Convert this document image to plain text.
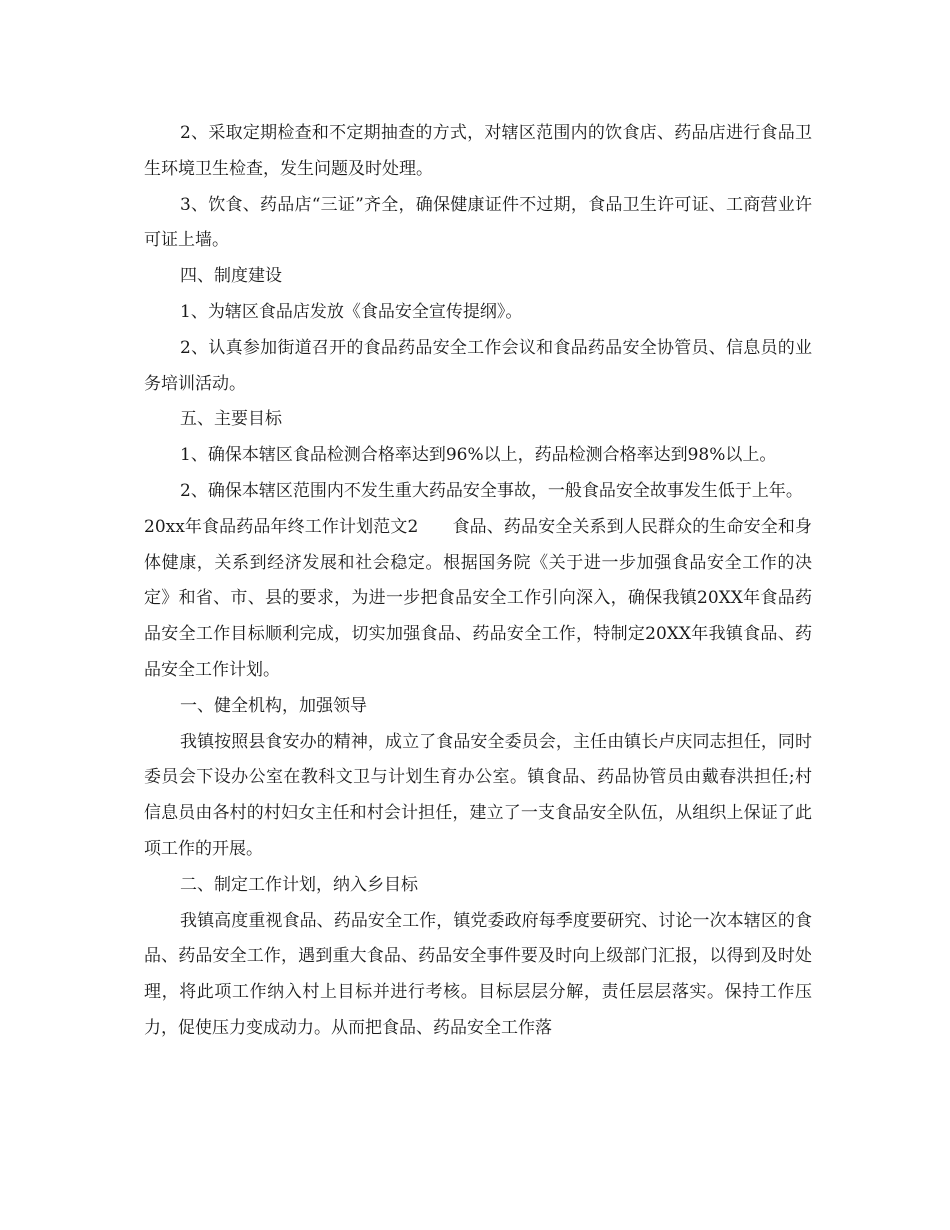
2、采取定期检查和不定期抽查的方式，对辖区范围内的饮食店、药品店进行食品卫生环境卫生检查，发生问题及时处理。

3、饮食、药品店“三证”齐全，确保健康证件不过期，食品卫生许可证、工商营业许可证上墙。

四、制度建设

1、为辖区食品店发放《食品安全宣传提纲》。

2、认真参加街道召开的食品药品安全工作会议和食品药品安全协管员、信息员的业务培训活动。

五、主要目标

1、确保本辖区食品检测合格率达到96%以上，药品检测合格率达到98%以上。

2、确保本辖区范围内不发生重大药品安全事故，一般食品安全故事发生低于上年。

20xx年食品药品年终工作计划范文2 食品、药品安全关系到人民群众的生命安全和身体健康，关系到经济发展和社会稳定。根据国务院《关于进一步加强食品安全工作的决定》和省、市、县的要求，为进一步把食品安全工作引向深入，确保我镇20XX年食品药品安全工作目标顺利完成，切实加强食品、药品安全工作，特制定20XX年我镇食品、药品安全工作计划。

一、健全机构，加强领导

我镇按照县食安办的精神，成立了食品安全委员会，主任由镇长卢庆同志担任，同时委员会下设办公室在教科文卫与计划生育办公室。镇食品、药品协管员由戴春洪担任;村信息员由各村的村妇女主任和村会计担任，建立了一支食品安全队伍，从组织上保证了此项工作的开展。

二、制定工作计划，纳入乡目标

我镇高度重视食品、药品安全工作，镇党委政府每季度要研究、讨论一次本辖区的食品、药品安全工作，遇到重大食品、药品安全事件要及时向上级部门汇报，以得到及时处理，将此项工作纳入村上目标并进行考核。目标层层分解，责任层层落实。保持工作压力，促使压力变成动力。从而把食品、药品安全工作落
